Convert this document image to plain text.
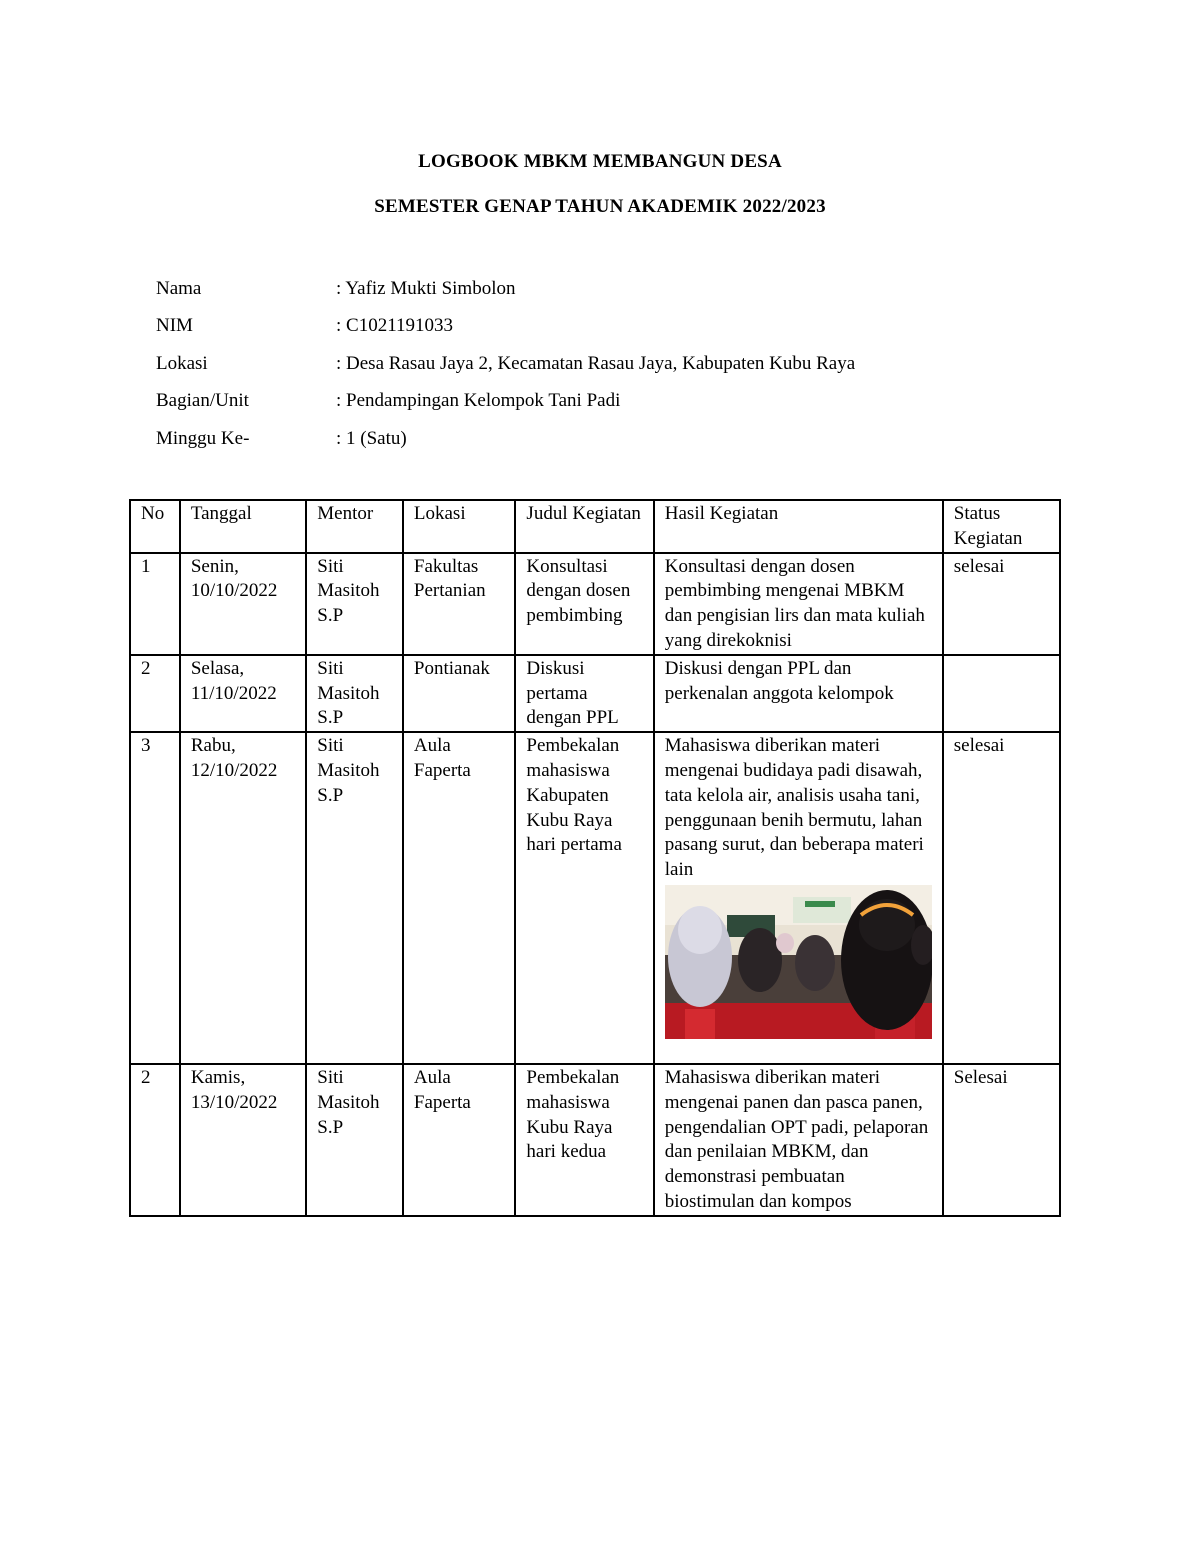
LOGBOOK MBKM MEMBANGUN DESA
SEMESTER GENAP TAHUN AKADEMIK 2022/2023
Nama	: Yafiz Mukti Simbolon
NIM	: C1021191033
Lokasi	: Desa Rasau Jaya 2, Kecamatan Rasau Jaya, Kabupaten Kubu Raya
Bagian/Unit	: Pendampingan Kelompok Tani Padi
Minggu Ke-	: 1 (Satu)
No	Tanggal	Mentor	Lokasi	Judul Kegiatan	Hasil Kegiatan	Status Kegiatan
1	Senin, 10/10/2022	Siti Masitoh S.P	Fakultas Pertanian	Konsultasi dengan dosen pembimbing	Konsultasi dengan dosen pembimbing mengenai MBKM dan pengisian lirs dan mata kuliah yang direkoknisi	selesai
2	Selasa, 11/10/2022	Siti Masitoh S.P	Pontianak	Diskusi pertama dengan PPL	Diskusi dengan PPL dan perkenalan anggota kelompok	
3	Rabu, 12/10/2022	Siti Masitoh S.P	Aula Faperta	Pembekalan mahasiswa Kabupaten Kubu Raya hari pertama	Mahasiswa diberikan materi mengenai budidaya padi disawah, tata kelola air, analisis usaha tani, penggunaan benih bermutu, lahan pasang surut, dan beberapa materi lain	selesai
2	Kamis, 13/10/2022	Siti Masitoh S.P	Aula Faperta	Pembekalan mahasiswa Kubu Raya hari kedua	Mahasiswa diberikan materi mengenai panen dan pasca panen, pengendalian OPT padi, pelaporan dan penilaian MBKM, dan demonstrasi pembuatan biostimulan dan kompos	Selesai
